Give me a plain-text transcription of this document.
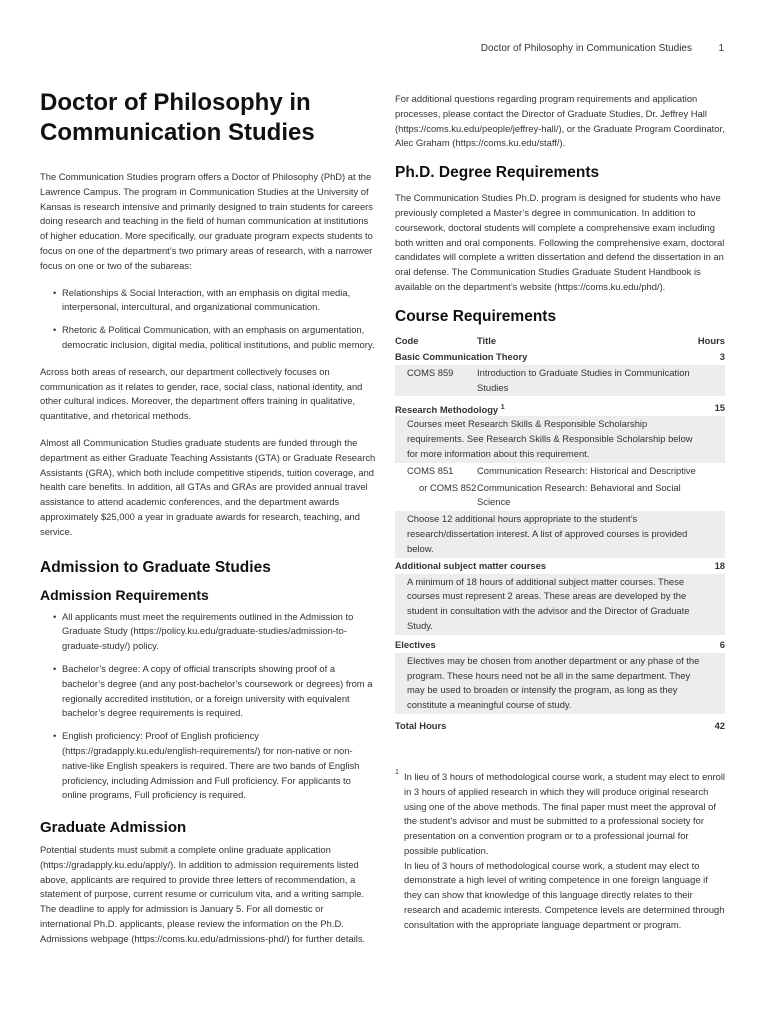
Doctor of Philosophy in Communication Studies	1
Doctor of Philosophy in
Communication Studies

The Communication Studies program offers a Doctor of Philosophy (PhD) at the Lawrence Campus. The program in Communication Studies at the University of Kansas is research intensive and primarily designed to train students for careers doing research and teaching in the field of human communication at institutions of higher education. More specifically, our graduate program expects students to focus on one of the department’s two primary areas of research, with a narrower focus on one or two of the subareas:

• Relationships & Social Interaction, with an emphasis on digital media, interpersonal, intercultural, and organizational communication.
• Rhetoric & Political Communication, with an emphasis on argumentation, democratic inclusion, digital media, political institutions, and public memory.

Across both areas of research, our department collectively focuses on communication as it relates to gender, race, social class, national identity, and other cultural indices. Moreover, the department offers training in qualitative, quantitative, and rhetorical methods.

Almost all Communication Studies graduate students are funded through the department as either Graduate Teaching Assistants (GTA) or Graduate Research Assistants (GRA), which both include competitive stipends, tuition coverage, and health care benefits. In addition, all GTAs and GRAs are provided annual travel assistance to attend academic conferences, and the department awards approximately $25,000 a year in graduate awards for research, teaching, and service.

Admission to Graduate Studies
Admission Requirements
• All applicants must meet the requirements outlined in the Admission to Graduate Study (https://policy.ku.edu/graduate-studies/admission-to-graduate-study/) policy.
• Bachelor’s degree: A copy of official transcripts showing proof of a bachelor’s degree (and any post-bachelor’s coursework or degrees) from a regionally accredited institution, or a foreign university with equivalent bachelor’s degree requirements is required.
• English proficiency: Proof of English proficiency (https://gradapply.ku.edu/english-requirements/) for non-native or non-native-like English speakers is required. There are two bands of English proficiency, including Admission and Full proficiency. For applicants to online programs, Full proficiency is required.
Graduate Admission

Potential students must submit a complete online graduate application (https://gradapply.ku.edu/apply/). In addition to admission requirements listed above, applicants are required to provide three letters of recommendation, a statement of purpose, current resume or curriculum vita, and a writing sample. The deadline to apply for admission is January 5. For all domestic or international Ph.D. applicants, please review the information on the Ph.D. Admissions webpage (https://coms.ku.edu/admissions-phd/) for further details.

For additional questions regarding program requirements and application processes, please contact the Director of Graduate Studies, Dr. Jeffrey Hall (https://coms.ku.edu/people/jeffrey-hall/), or the Graduate Program Coordinator, Alec Graham (https://coms.ku.edu/staff/).

Ph.D. Degree Requirements

The Communication Studies Ph.D. program is designed for students who have previously completed a Master’s degree in communication. In addition to coursework, doctoral students will complete a comprehensive exam including both written and oral components. Following the comprehensive exam, doctoral candidates will complete a written dissertation and defend the dissertation in an oral defense. The Communication Studies Graduate Student Handbook is available on the department’s website (https://coms.ku.edu/phd/).

Course Requirements
Code	Title	Hours
Basic Communication Theory	3
COMS 859	Introduction to Graduate Studies in Communication Studies
Research Methodology $^1$	15
Courses meet Research Skills & Responsible Scholarship requirements. See Research Skills & Responsible Scholarship below for more information about this requirement.
COMS 851	Communication Research: Historical and Descriptive
or COMS 852 Communication Research: Behavioral and Social Science
Choose 12 additional hours appropriate to the student’s research/dissertation interest. A list of approved courses is provided below.
Additional subject matter courses	18
A minimum of 18 hours of additional subject matter courses. These courses must represent 2 areas. These areas are developed by the student in consultation with the advisor and the Director of Graduate Study.
Electives	6
Electives may be chosen from another department or any phase of the program. These hours need not be all in the same department. They may be used to broaden or intensify the program, as long as they constitute a meaningful course of study.
Total Hours	42
1 In lieu of 3 hours of methodological course work, a student may elect to enroll in 3 hours of applied research in which they will produce original research using one of the above methods. The final paper must meet the approval of the student’s advisor and must be submitted to a professional society for presentation on a convention program or to a professional journal for possible publication.
In lieu of 3 hours of methodological course work, a student may elect to demonstrate a high level of writing competence in one foreign language if they can show that knowledge of this language directly relates to their research and academic interests. Competence levels are determined through consultation with the appropriate language department or program.
